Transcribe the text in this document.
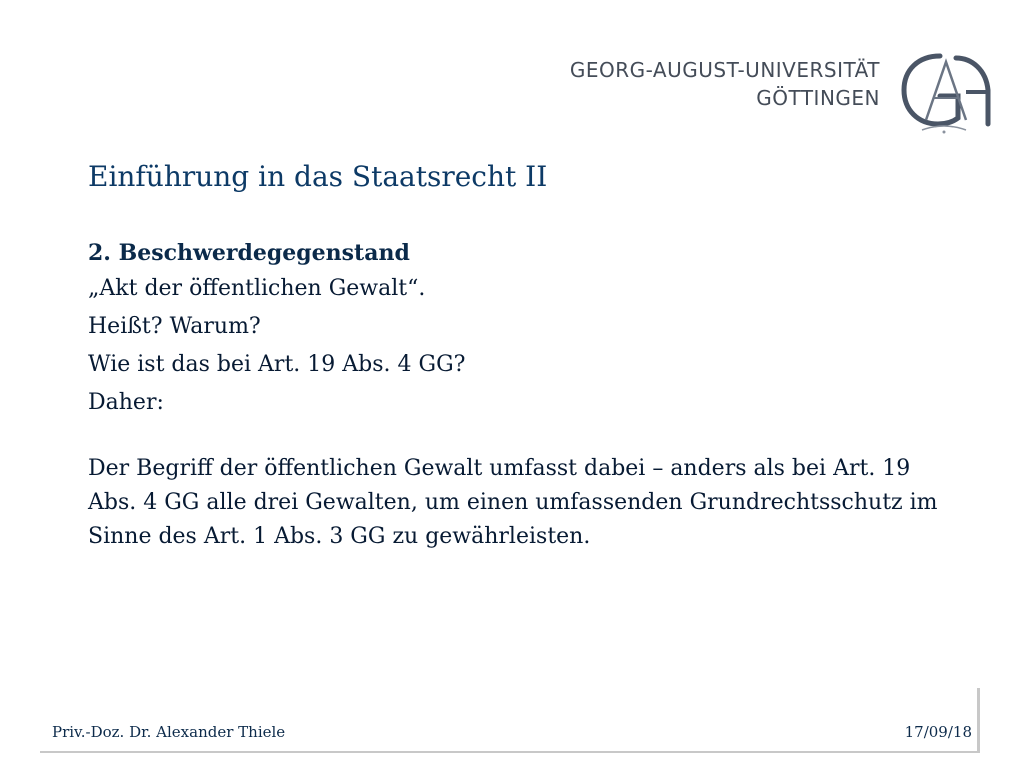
GEORG-AUGUST-UNIVERSITÄT
GÖTTINGEN
Einführung in das Staatsrecht II

2. Beschwerdegegenstand

„Akt der öffentlichen Gewalt“.

Heißt? Warum?

Wie ist das bei Art. 19 Abs. 4 GG?

Daher:

Der Begriff der öffentlichen Gewalt umfasst dabei – anders als bei Art. 19 Abs. 4 GG alle drei Gewalten, um einen umfassenden Grundrechtsschutz im Sinne des Art. 1 Abs. 3 GG zu gewährleisten.

Priv.-Doz. Dr. Alexander Thiele	17/09/18
